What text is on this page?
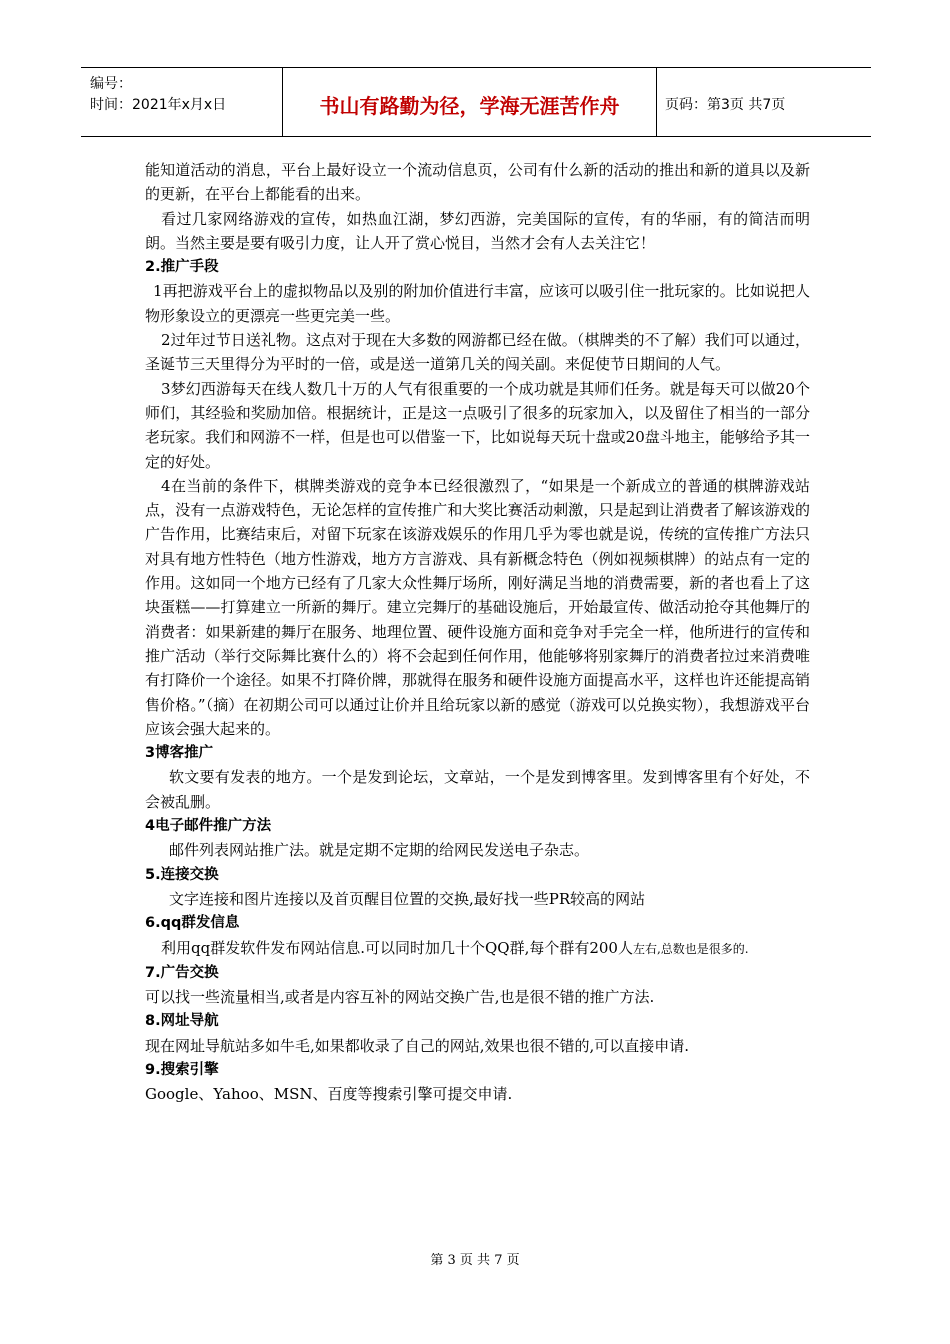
编号：
时间：2021年x月x日	书山有路勤为径，学海无涯苦作舟	页码：第3页 共7页
能知道活动的消息，平台上最好设立一个流动信息页，公司有什么新的活动的推出和新的道具以及新的更新，在平台上都能看的出来。
看过几家网络游戏的宣传，如热血江湖，梦幻西游，完美国际的宣传，有的华丽，有的简洁而明朗。当然主要是要有吸引力度，让人开了赏心悦目，当然才会有人去关注它！
2.推广手段
1再把游戏平台上的虚拟物品以及别的附加价值进行丰富，应该可以吸引住一批玩家的。比如说把人物形象设立的更漂亮一些更完美一些。
2过年过节日送礼物。这点对于现在大多数的网游都已经在做。（棋牌类的不了解）我们可以通过，圣诞节三天里得分为平时的一倍，或是送一道第几关的闯关副。来促使节日期间的人气。
3梦幻西游每天在线人数几十万的人气有很重要的一个成功就是其师们任务。就是每天可以做20个师们，其经验和奖励加倍。根据统计，正是这一点吸引了很多的玩家加入，以及留住了相当的一部分老玩家。我们和网游不一样，但是也可以借鉴一下，比如说每天玩十盘或20盘斗地主，能够给予其一定的好处。
4在当前的条件下，棋牌类游戏的竞争本已经很激烈了，“如果是一个新成立的普通的棋牌游戏站点，没有一点游戏特色，无论怎样的宣传推广和大奖比赛活动刺激，只是起到让消费者了解该游戏的广告作用，比赛结束后，对留下玩家在该游戏娱乐的作用几乎为零也就是说，传统的宣传推广方法只对具有地方性特色（地方性游戏，地方方言游戏、具有新概念特色（例如视频棋牌）的站点有一定的作用。这如同一个地方已经有了几家大众性舞厅场所，刚好满足当地的消费需要，新的者也看上了这块蛋糕——打算建立一所新的舞厅。建立完舞厅的基础设施后，开始最宣传、做活动抢夺其他舞厅的消费者：如果新建的舞厅在服务、地理位置、硬件设施方面和竞争对手完全一样，他所进行的宣传和推广活动（举行交际舞比赛什么的）将不会起到任何作用，他能够将别家舞厅的消费者拉过来消费唯有打降价一个途径。如果不打降价牌，那就得在服务和硬件设施方面提高水平，这样也许还能提高销售价格。”（摘）在初期公司可以通过让价并且给玩家以新的感觉（游戏可以兑换实物），我想游戏平台应该会强大起来的。
3博客推广
软文要有发表的地方。一个是发到论坛，文章站，一个是发到博客里。发到博客里有个好处，不会被乱删。
4电子邮件推广方法
邮件列表网站推广法。就是定期不定期的给网民发送电子杂志。
5.连接交换
文字连接和图片连接以及首页醒目位置的交换,最好找一些PR较高的网站
6.qq群发信息
利用qq群发软件发布网站信息.可以同时加几十个QQ群,每个群有200人左右,总数也是很多的.
7.广告交换
可以找一些流量相当,或者是内容互补的网站交换广告,也是很不错的推广方法.
8.网址导航
现在网址导航站多如牛毛,如果都收录了自己的网站,效果也很不错的,可以直接申请.
9.搜索引擎
Google、Yahoo、MSN、百度等搜索引擎可提交申请.
第 3 页 共 7 页
